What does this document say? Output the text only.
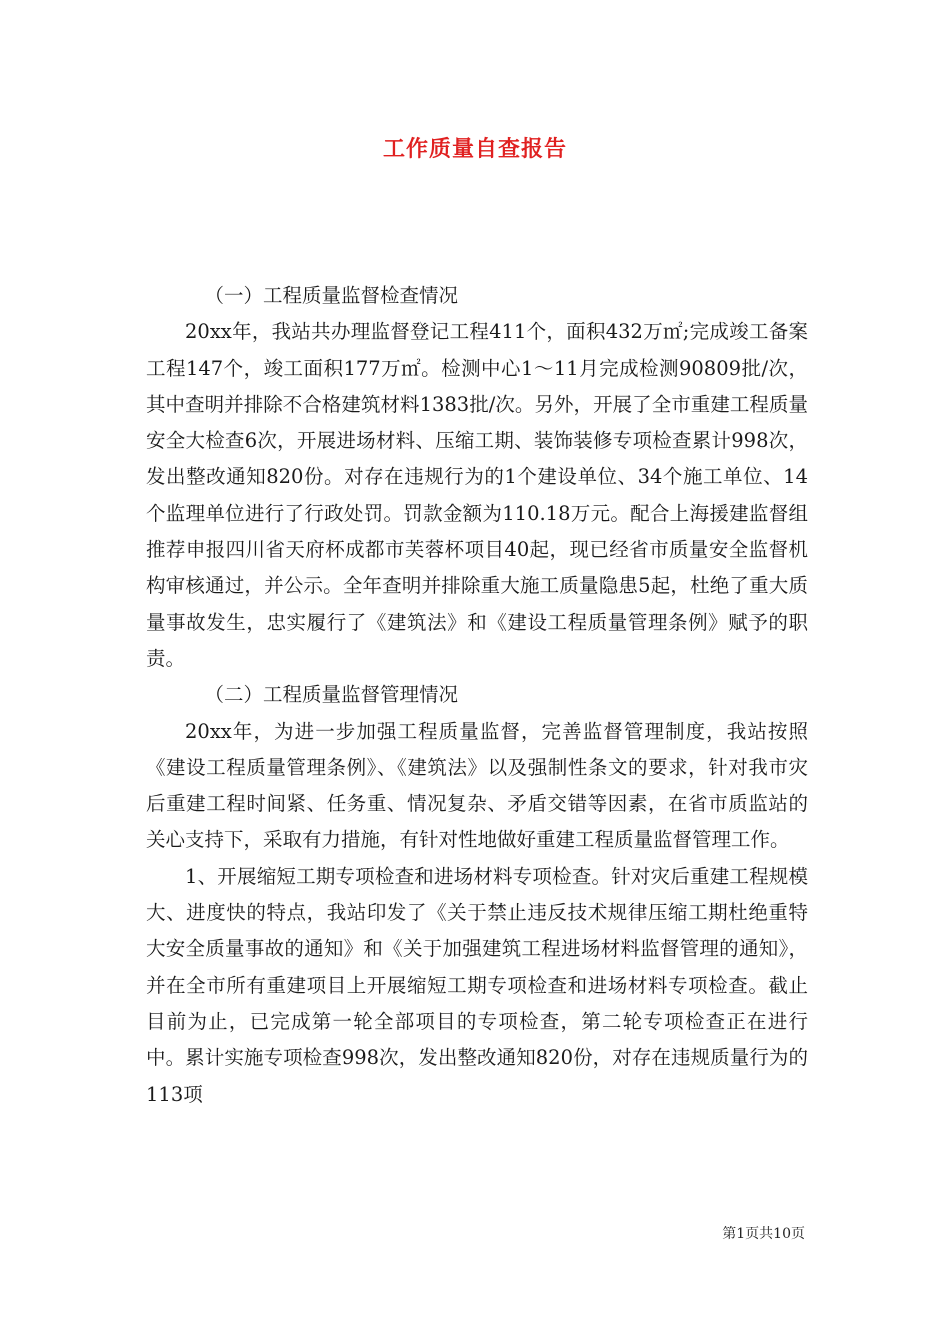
工作质量自查报告

（一）工程质量监督检查情况

20xx年，我站共办理监督登记工程411个，面积432万㎡;完成竣工备案工程147个，竣工面积177万㎡。检测中心1～11月完成检测90809批/次，其中查明并排除不合格建筑材料1383批/次。另外，开展了全市重建工程质量安全大检查6次，开展进场材料、压缩工期、装饰装修专项检查累计998次，发出整改通知820份。对存在违规行为的1个建设单位、34个施工单位、14个监理单位进行了行政处罚。罚款金额为110.18万元。配合上海援建监督组推荐申报四川省天府杯成都市芙蓉杯项目40起，现已经省市质量安全监督机构审核通过，并公示。全年查明并排除重大施工质量隐患5起，杜绝了重大质量事故发生，忠实履行了《建筑法》和《建设工程质量管理条例》赋予的职责。

（二）工程质量监督管理情况

20xx年，为进一步加强工程质量监督，完善监督管理制度，我站按照《建设工程质量管理条例》、《建筑法》以及强制性条文的要求，针对我市灾后重建工程时间紧、任务重、情况复杂、矛盾交错等因素，在省市质监站的关心支持下，采取有力措施，有针对性地做好重建工程质量监督管理工作。

1、开展缩短工期专项检查和进场材料专项检查。针对灾后重建工程规模大、进度快的特点，我站印发了《关于禁止违反技术规律压缩工期杜绝重特大安全质量事故的通知》和《关于加强建筑工程进场材料监督管理的通知》，并在全市所有重建项目上开展缩短工期专项检查和进场材料专项检查。截止目前为止，已完成第一轮全部项目的专项检查，第二轮专项检查正在进行中。累计实施专项检查998次，发出整改通知820份，对存在违规质量行为的113项

第1页共10页
